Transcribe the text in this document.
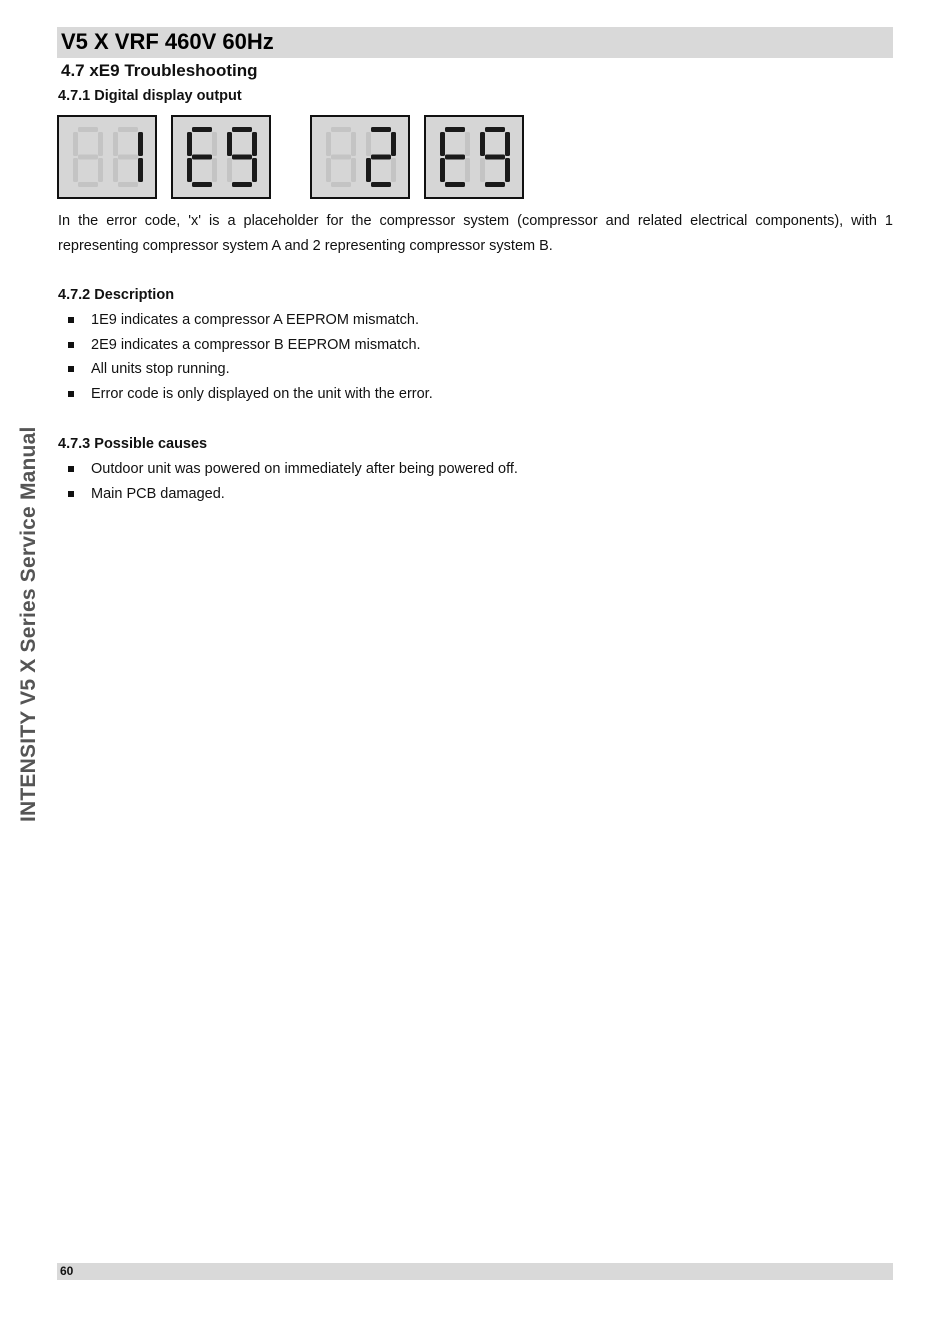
V5 X VRF 460V 60Hz
4.7 xE9 Troubleshooting
4.7.1 Digital display output
In the error code, 'x' is a placeholder for the compressor system (compressor and related electrical components), with 1 representing compressor system A and 2 representing compressor system B.
4.7.2 Description
1E9 indicates a compressor A EEPROM mismatch.
2E9 indicates a compressor B EEPROM mismatch.
All units stop running.
Error code is only displayed on the unit with the error.
4.7.3 Possible causes
Outdoor unit was powered on immediately after being powered off.
Main PCB damaged.
INTENSITY V5 X Series Service Manual
60
